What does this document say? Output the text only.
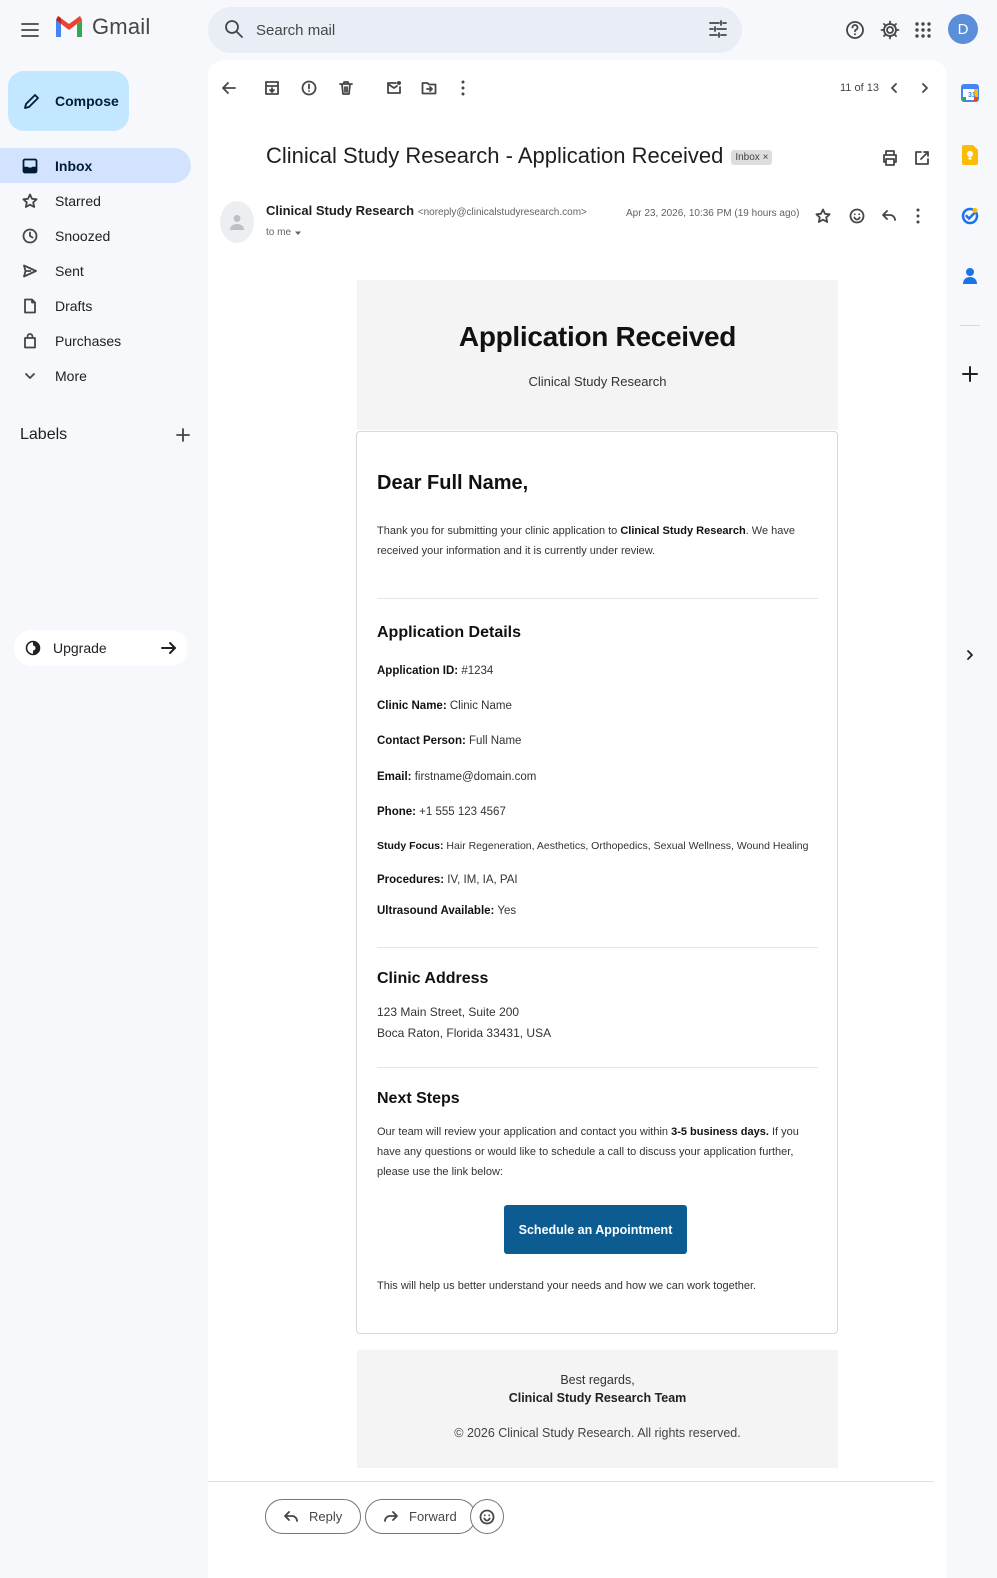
Gmail
Search mail	D
Compose
Inbox
Starred
Snoozed
Sent
Drafts
Purchases
More
Labels
Upgrade
11 of 13
Clinical Study Research - Application Received	Inbox ×
Clinical Study Research <noreply@clinicalstudyresearch.com>
to me
Apr 23, 2026, 10:36 PM (19 hours ago)
Application Received

Clinical Study Research

Dear Full Name,
Thank you for submitting your clinic application to Clinical Study Research. We have received your information and it is currently under review.
Application Details
Application ID: #1234
Clinic Name: Clinic Name
Contact Person: Full Name
Email: firstname@domain.com
Phone: +1 555 123 4567
Study Focus: Hair Regeneration, Aesthetics, Orthopedics, Sexual Wellness, Wound Healing
Procedures: IV, IM, IA, PAI
Ultrasound Available: Yes
Clinic Address
123 Main Street, Suite 200
Boca Raton, Florida 33431, USA
Next Steps
Our team will review your application and contact you within 3-5 business days. If you have any questions or would like to schedule a call to discuss your application further, please use the link below:
Schedule an Appointment
This will help us better understand your needs and how we can work together.
Best regards,
Clinical Study Research Team
© 2026 Clinical Study Research. All rights reserved.
Reply	Forward
31
